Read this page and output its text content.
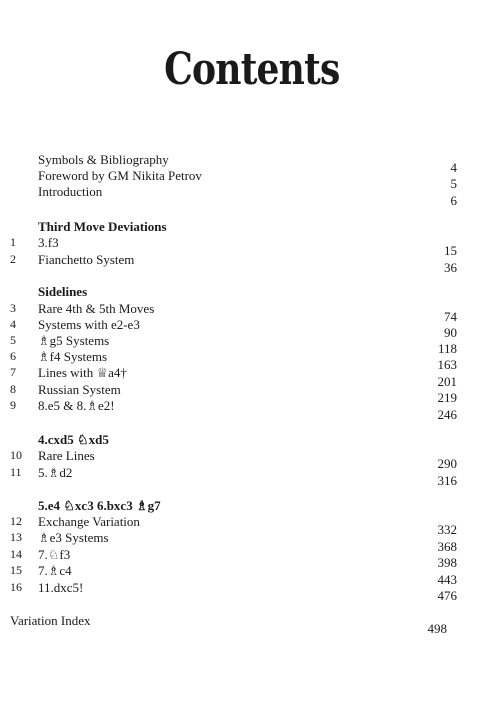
Contents
Symbols & Bibliography
4
Foreword by GM Nikita Petrov
5
Introduction
6
Third Move Deviations
1 3.f3
15
2 Fianchetto System
36
Sidelines
3 Rare 4th & 5th Moves
74
4 Systems with e2-e3
90
5 ♗g5 Systems
118
6 ♗f4 Systems
163
7 Lines with ♕a4†
201
8 Russian System
219
9 8.e5 & 8.♗e2!
246
4.cxd5 ♘xd5
10 Rare Lines
290
11 5.♗d2
316
5.e4 ♘xc3 6.bxc3 ♗g7
12 Exchange Variation
332
13 ♗e3 Systems
368
14 7.♘f3
398
15 7.♗c4
443
16 11.dxc5!
476
Variation Index
498
